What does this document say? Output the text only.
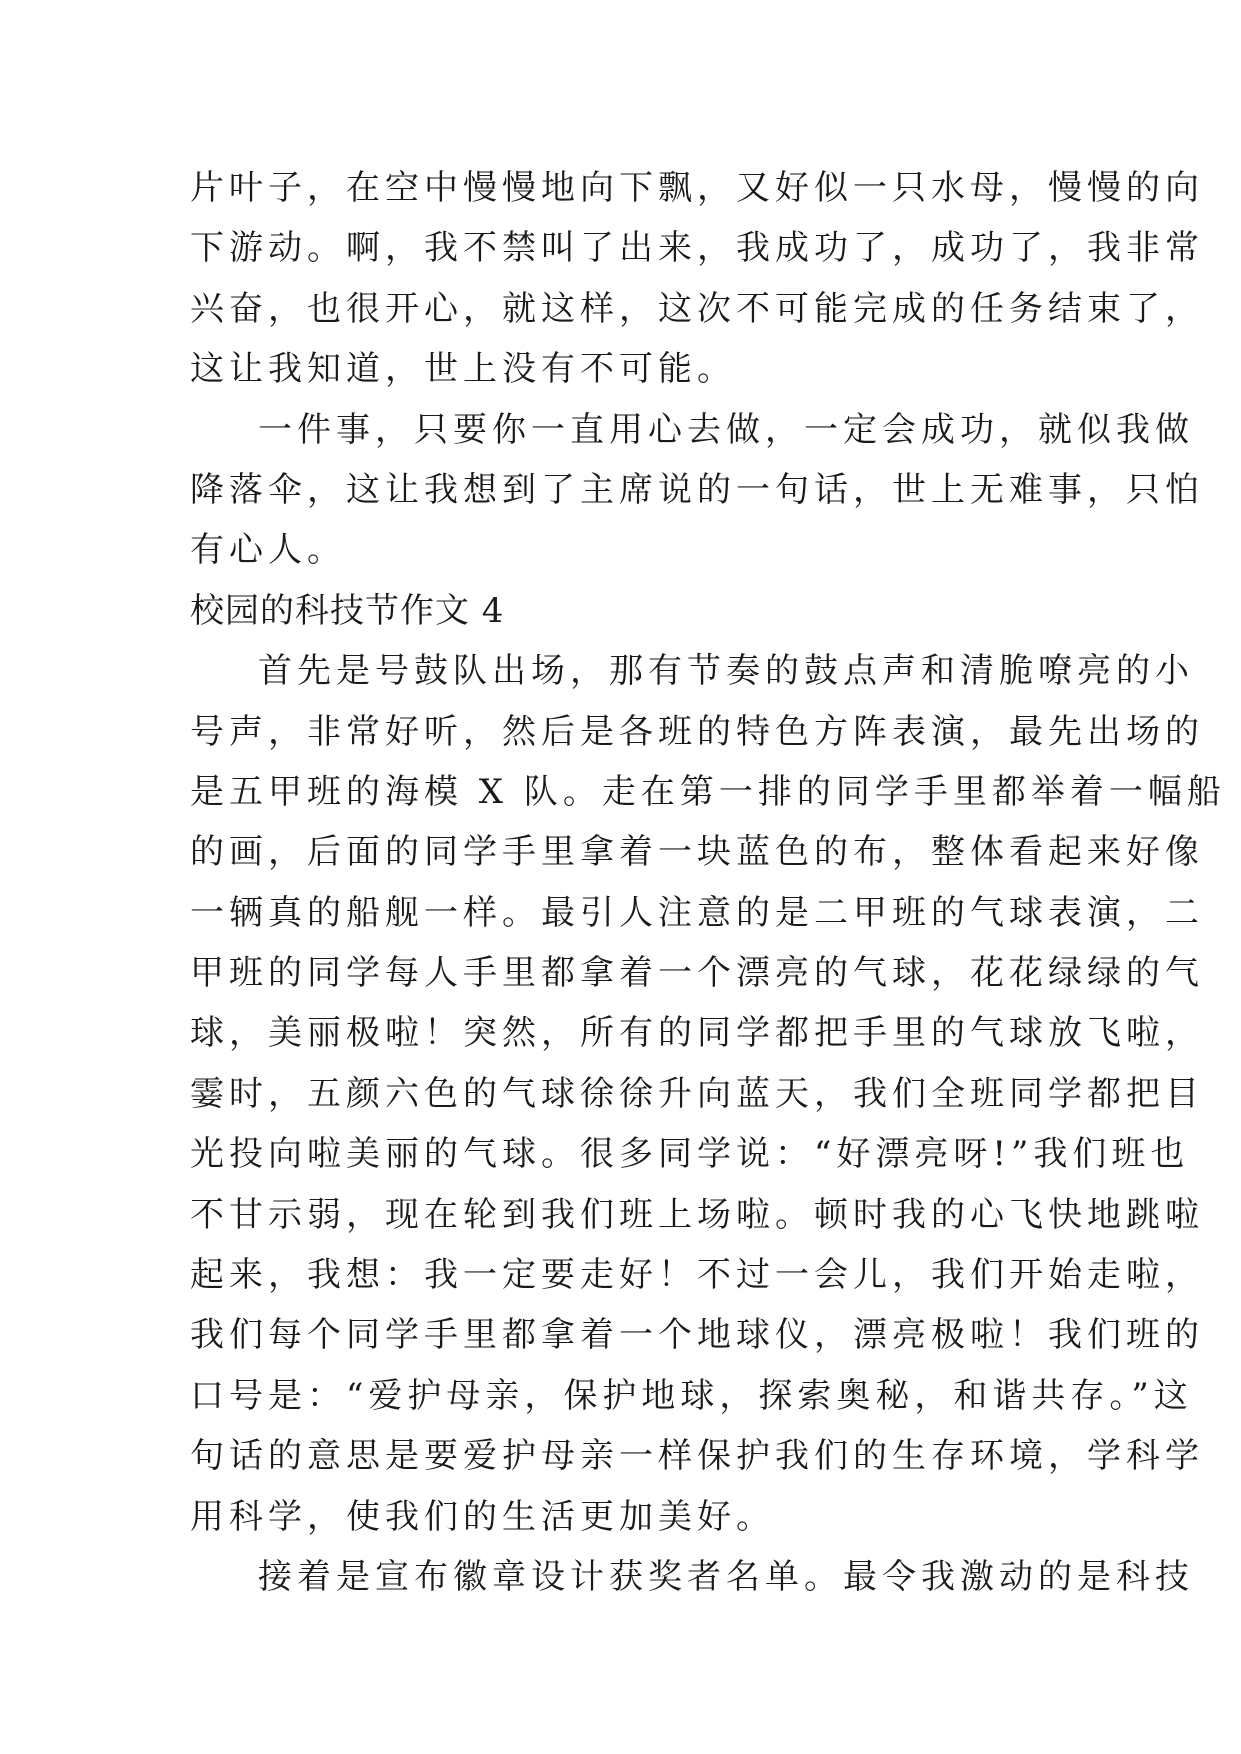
片叶子，在空中慢慢地向下飘，又好似一只水母，慢慢的向
下游动。啊，我不禁叫了出来，我成功了，成功了，我非常
兴奋，也很开心，就这样，这次不可能完成的任务结束了，
这让我知道，世上没有不可能。
一件事，只要你一直用心去做，一定会成功，就似我做
降落伞，这让我想到了主席说的一句话，世上无难事，只怕
有心人。
校园的科技节作文 4
首先是号鼓队出场，那有节奏的鼓点声和清脆嘹亮的小
号声，非常好听，然后是各班的特色方阵表演，最先出场的
是五甲班的海模 X 队。走在第一排的同学手里都举着一幅船
的画，后面的同学手里拿着一块蓝色的布，整体看起来好像
一辆真的船舰一样。最引人注意的是二甲班的气球表演，二
甲班的同学每人手里都拿着一个漂亮的气球，花花绿绿的气
球，美丽极啦！突然，所有的同学都把手里的气球放飞啦，
霎时，五颜六色的气球徐徐升向蓝天，我们全班同学都把目
光投向啦美丽的气球。很多同学说：“好漂亮呀!”我们班也
不甘示弱，现在轮到我们班上场啦。顿时我的心飞快地跳啦
起来，我想：我一定要走好！不过一会儿，我们开始走啦，
我们每个同学手里都拿着一个地球仪，漂亮极啦！我们班的
口号是：“爱护母亲，保护地球，探索奥秘，和谐共存。”这
句话的意思是要爱护母亲一样保护我们的生存环境，学科学
用科学，使我们的生活更加美好。
接着是宣布徽章设计获奖者名单。最令我激动的是科技
